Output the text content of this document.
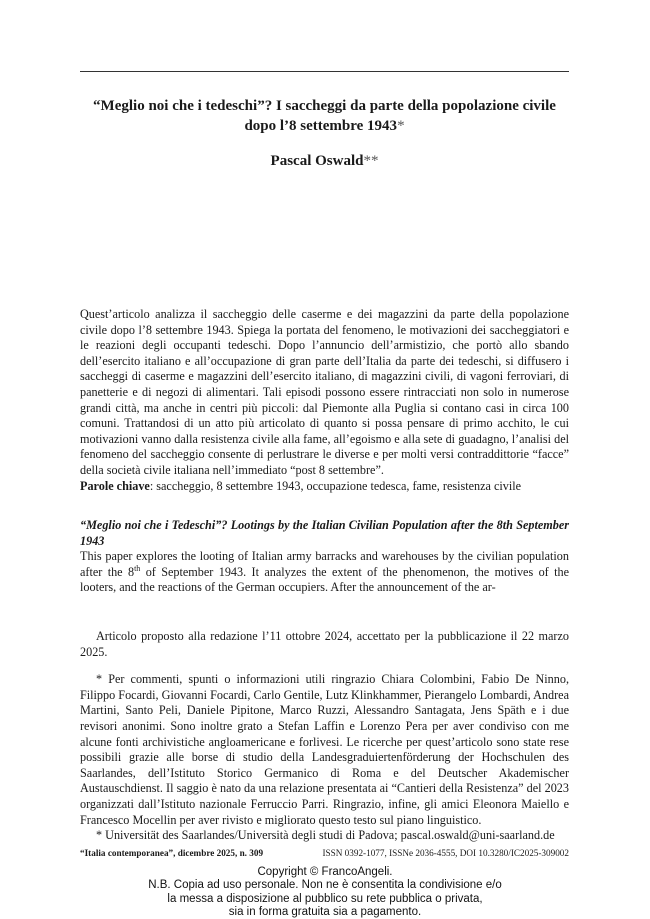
“Meglio noi che i tedeschi”? I saccheggi da parte della popolazione civile
dopo l’8 settembre 1943*
Pascal Oswald**

Quest’articolo analizza il saccheggio delle caserme e dei magazzini da parte della popolazione civile dopo l’8 settembre 1943. Spiega la portata del fenomeno, le motivazioni dei saccheggiatori e le reazioni degli occupanti tedeschi. Dopo l’annuncio dell’armistizio, che portò allo sbando dell’esercito italiano e all’occupazione di gran parte dell’Italia da parte dei tedeschi, si diffusero i saccheggi di caserme e magazzini dell’esercito italiano, di magazzini civili, di vagoni ferroviari, di panetterie e di negozi di alimentari. Tali episodi possono essere rintracciati non solo in numerose grandi città, ma anche in centri più piccoli: dal Piemonte alla Puglia si contano casi in circa 100 comuni. Trattandosi di un atto più articolato di quanto si possa pensare di primo acchito, le cui motivazioni vanno dalla resistenza civile alla fame, all’egoismo e alla sete di guadagno, l’analisi del fenomeno del saccheggio consente di perlustrare le diverse e per molti versi contraddittorie “facce” della società civile italiana nell’immediato “post 8 settembre”.

Parole chiave: saccheggio, 8 settembre 1943, occupazione tedesca, fame, resistenza civile

“Meglio noi che i Tedeschi”? Lootings by the Italian Civilian Population after the 8th September 1943

This paper explores the looting of Italian army barracks and warehouses by the civilian population after the 8th of September 1943. It analyzes the extent of the phenomenon, the motives of the looters, and the reactions of the German occupiers. After the announcement of the ar-

Articolo proposto alla redazione l’11 ottobre 2024, accettato per la pubblicazione il 22 marzo 2025.

* Per commenti, spunti o informazioni utili ringrazio Chiara Colombini, Fabio De Ninno, Filippo Focardi, Giovanni Focardi, Carlo Gentile, Lutz Klinkhammer, Pierangelo Lombardi, Andrea Martini, Santo Peli, Daniele Pipitone, Marco Ruzzi, Alessandro Santagata, Jens Späth e i due revisori anonimi. Sono inoltre grato a Stefan Laffin e Lorenzo Pera per aver condiviso con me alcune fonti archivistiche angloamericane e forlivesi. Le ricerche per quest’articolo sono state rese possibili grazie alle borse di studio della Landesgraduiertenförderung der Hochschulen des Saarlandes, dell’Istituto Storico Germanico di Roma e del Deutscher Akademischer Austauschdienst. Il saggio è nato da una relazione presentata ai “Cantieri della Resistenza” del 2023 organizzati dall’Istituto nazionale Ferruccio Parri. Ringrazio, infine, gli amici Eleonora Maiello e Francesco Mocellin per aver rivisto e migliorato questo testo sul piano linguistico.

* Universität des Saarlandes/Università degli studi di Padova; pascal.oswald@uni-saarland.de

“Italia contemporanea”, dicembre 2025, n. 309	ISSN 0392-1077, ISSNe 2036-4555, DOI 10.3280/IC2025-309002
Copyright © FrancoAngeli.
N.B. Copia ad uso personale. Non ne è consentita la condivisione e/o
la messa a disposizione al pubblico su rete pubblica o privata,
sia in forma gratuita sia a pagamento.
